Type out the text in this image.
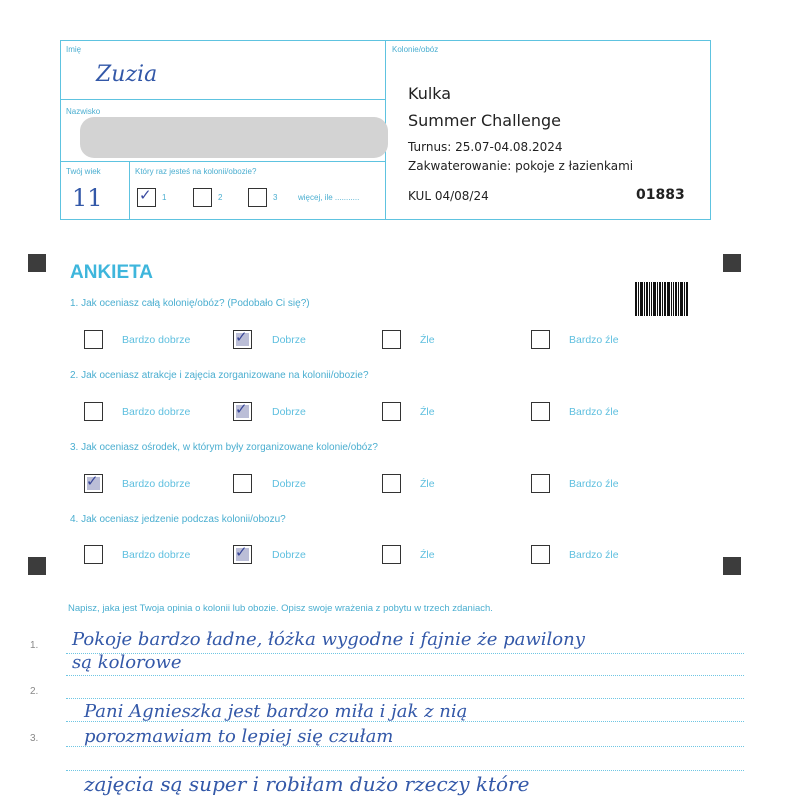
Imię
Zuzia
Nazwisko
Twój wiek
11
Który raz jesteś na kolonii/obozie?
✓ 1	2	3	więcej, ile ...........
Kolonie/obóz
Kulka
Summer Challenge
Turnus: 25.07-04.08.2024
Zakwaterowanie: pokoje z łazienkami
KUL 04/08/24	01883
ANKIETA
1. Jak oceniasz całą kolonię/obóz? (Podobało Ci się?)
Bardzo dobrze	✓ Dobrze	Źle	Bardzo źle
2. Jak oceniasz atrakcje i zajęcia zorganizowane na kolonii/obozie?
Bardzo dobrze	✓ Dobrze	Źle	Bardzo źle
3. Jak oceniasz ośrodek, w którym były zorganizowane kolonie/obóz?
✓ Bardzo dobrze	Dobrze	Źle	Bardzo źle
4. Jak oceniasz jedzenie podczas kolonii/obozu?
Bardzo dobrze	✓ Dobrze	Źle	Bardzo źle
Napisz, jaka jest Twoja opinia o kolonii lub obozie. Opisz swoje wrażenia z pobytu w trzech zdaniach.
1.
2.
3.
Pokoje bardzo ładne, łóżka wygodne i fajnie że pawilony
są kolorowe
Pani Agnieszka jest bardzo miła i jak z nią
porozmawiam to lepiej się czułam
zajęcia są super i robiłam dużo rzeczy które
